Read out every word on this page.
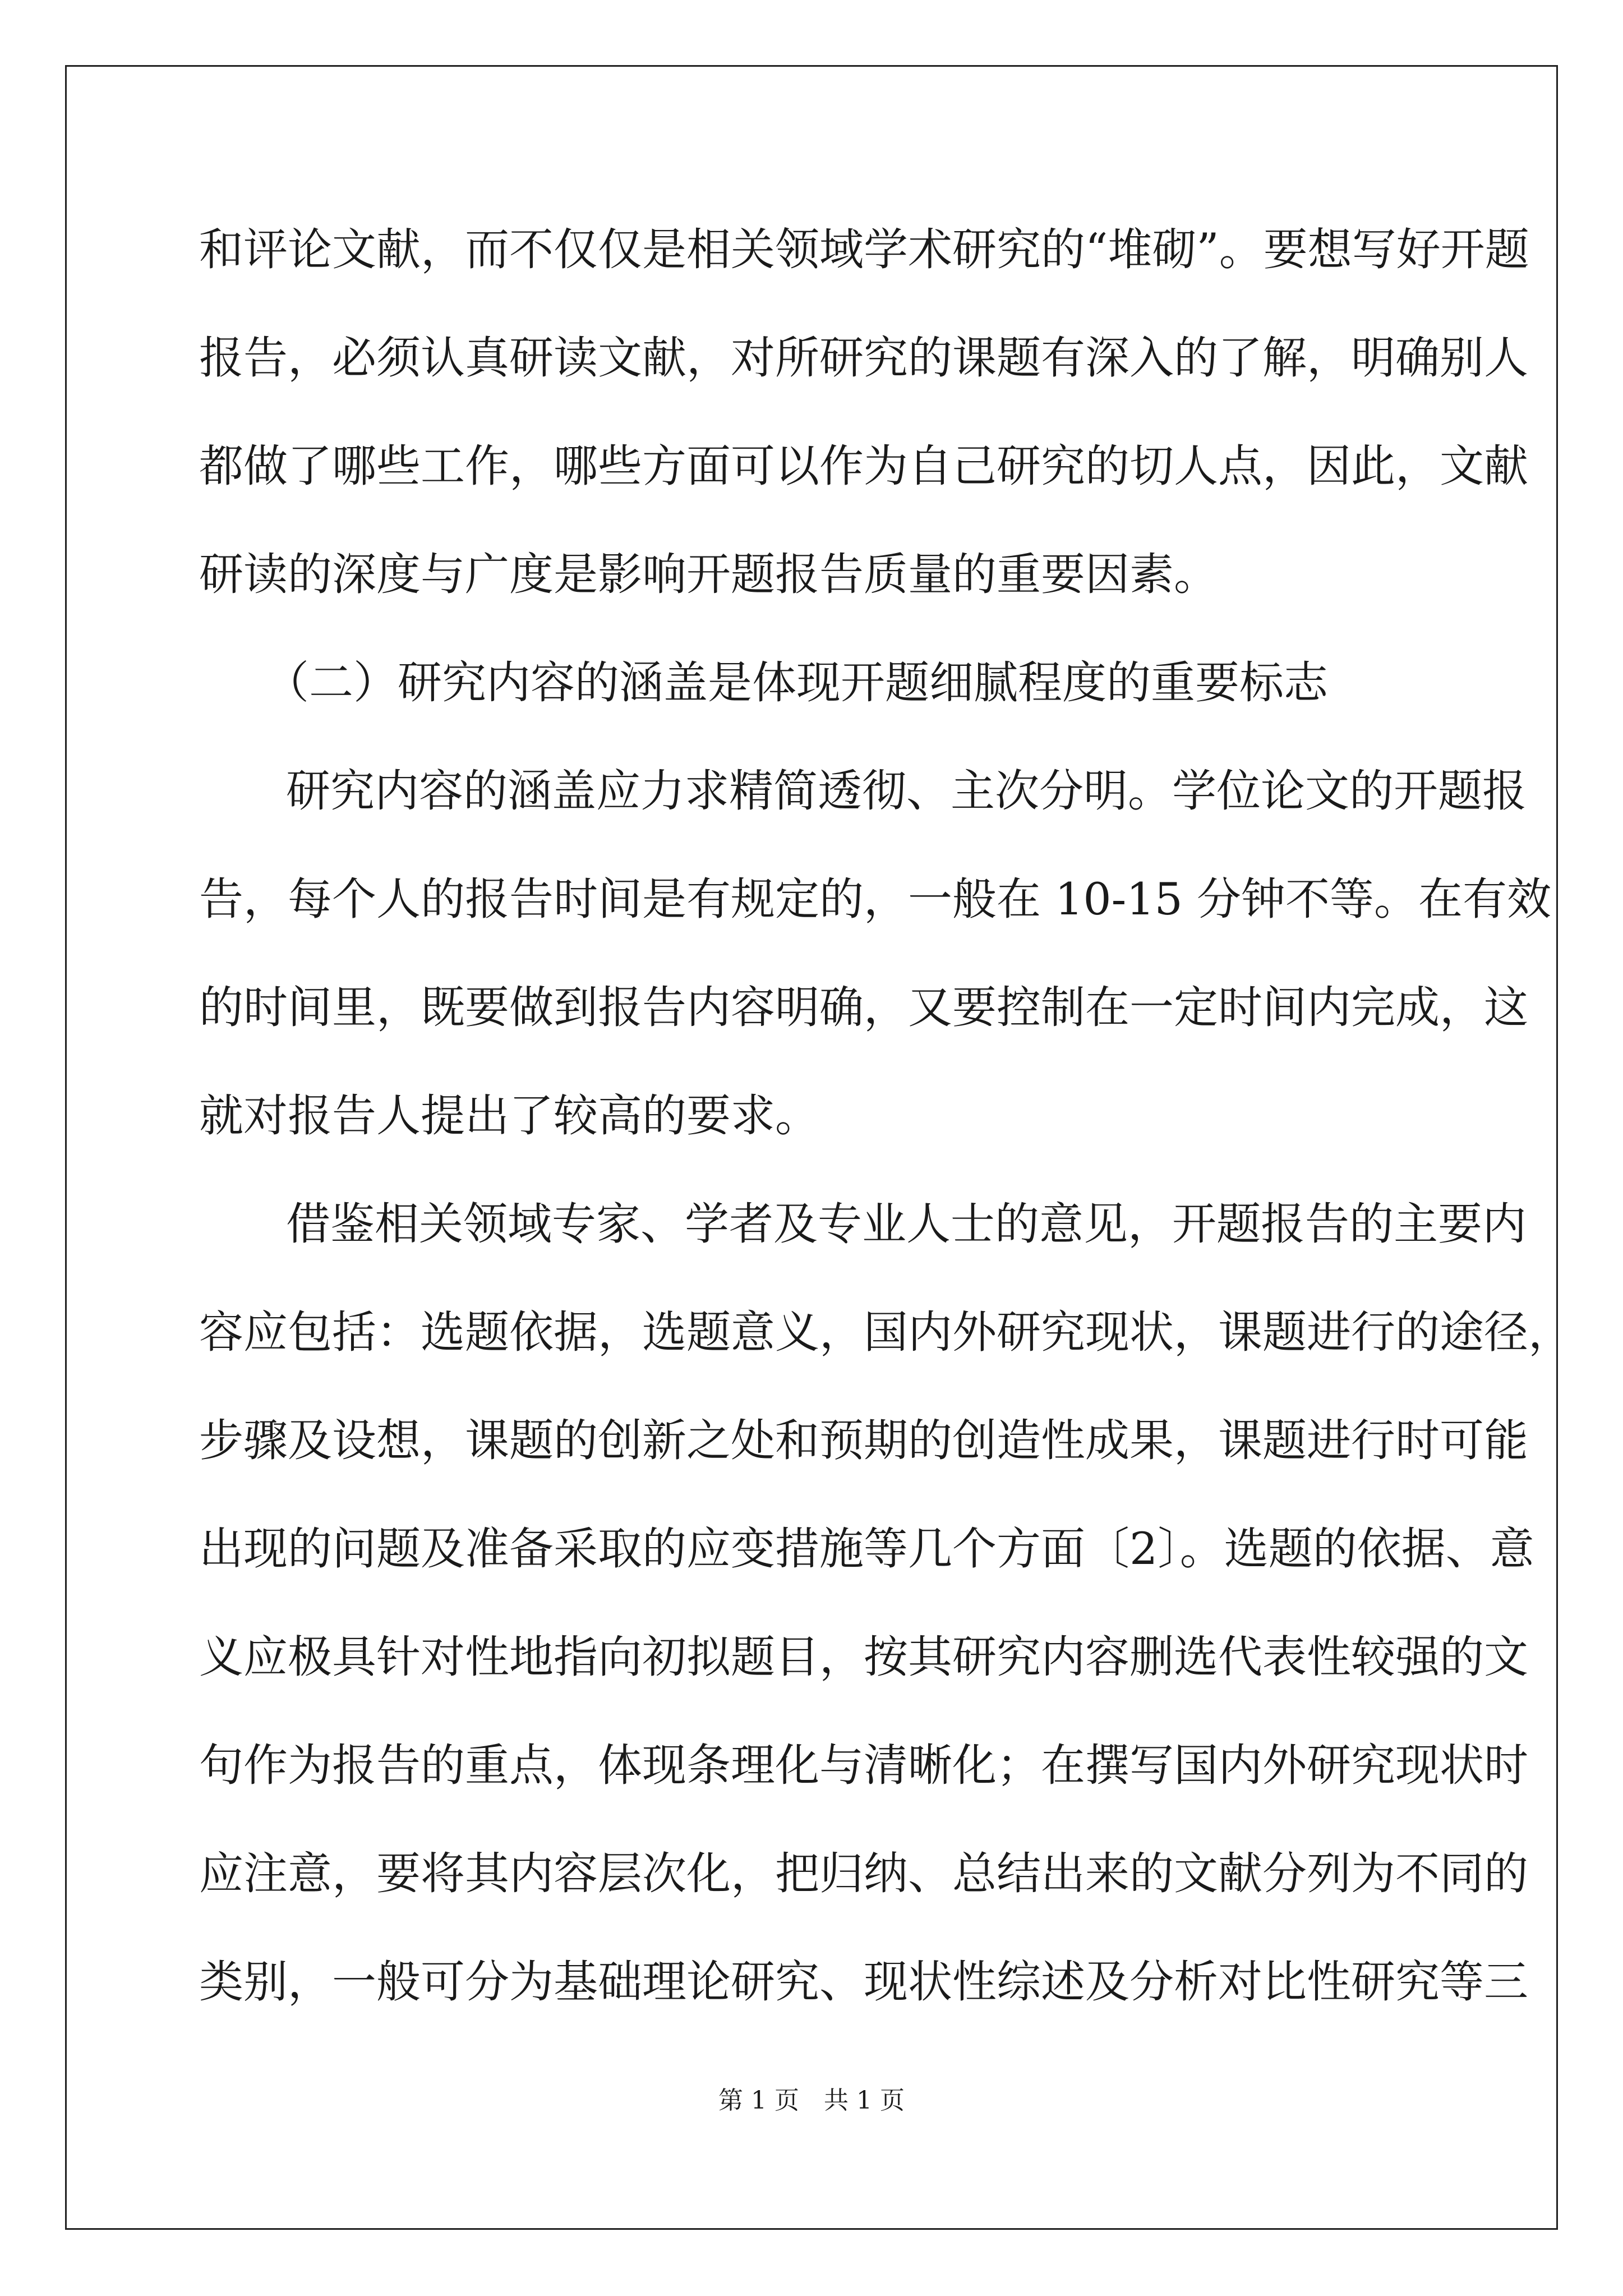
和评论文献，而不仅仅是相关领域学术研究的“堆砌”。要想写好开题
报告，必须认真研读文献，对所研究的课题有深入的了解，明确别人
都做了哪些工作，哪些方面可以作为自己研究的切人点，因此，文献
研读的深度与广度是影响开题报告质量的重要因素。
（二）研究内容的涵盖是体现开题细腻程度的重要标志
研究内容的涵盖应力求精简透彻、主次分明。学位论文的开题报
告，每个人的报告时间是有规定的，一般在 10-15 分钟不等。在有效
的时间里，既要做到报告内容明确，又要控制在一定时间内完成，这
就对报告人提出了较高的要求。
借鉴相关领域专家、学者及专业人士的意见，开题报告的主要内
容应包括：选题依据，选题意义，国内外研究现状，课题进行的途径，
步骤及设想，课题的创新之处和预期的创造性成果，课题进行时可能
出现的问题及准备采取的应变措施等几个方面〔2〕。选题的依据、意
义应极具针对性地指向初拟题目，按其研究内容删选代表性较强的文
句作为报告的重点，体现条理化与清晰化；在撰写国内外研究现状时
应注意，要将其内容层次化，把归纳、总结出来的文献分列为不同的
类别，一般可分为基础理论研究、现状性综述及分析对比性研究等三
第 1 页　共 1 页
